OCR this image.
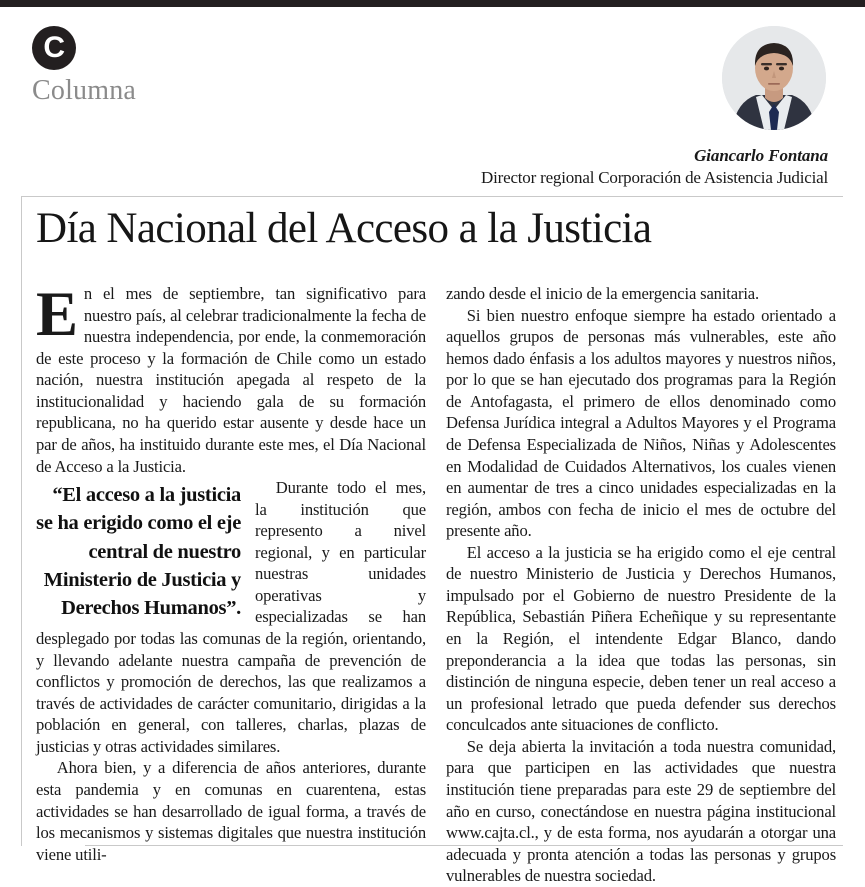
C
Columna
Giancarlo Fontana
Director regional Corporación de Asistencia Judicial
Día Nacional del Acceso a la Justicia

En el mes de septiembre, tan significativo para nuestro país, al celebrar tradicionalmente la fecha de nuestra independencia, por ende, la conmemoración de este proceso y la formación de Chile como un estado nación, nuestra institución apegada al respeto de la institucionalidad y haciendo gala de su formación republicana, no ha querido estar ausente y desde hace un par de años, ha instituido durante este mes, el Día Nacional de Acceso a la Justicia.

“El acceso a la justicia se ha erigido como el eje central de nuestro Ministerio de Justicia y Derechos Humanos”.

Durante todo el mes, la institución que represento a nivel regional, y en particular nuestras unidades operativas y especializadas se han desplegado por todas las comunas de la región, orientando, y llevando adelante nuestra campaña de prevención de conflictos y promoción de derechos, las que realizamos a través de actividades de carácter comunitario, dirigidas a la población en general, con talleres, charlas, plazas de justicias y otras actividades similares.

Ahora bien, y a diferencia de años anteriores, durante esta pandemia y en comunas en cuarentena, estas actividades se han desarrollado de igual forma, a través de los mecanismos y sistemas digitales que nuestra institución viene utili-

zando desde el inicio de la emergencia sanitaria.

Si bien nuestro enfoque siempre ha estado orientado a aquellos grupos de personas más vulnerables, este año hemos dado énfasis a los adultos mayores y nuestros niños, por lo que se han ejecutado dos programas para la Región de Antofagasta, el primero de ellos denominado como Defensa Jurídica integral a Adultos Mayores y el Programa de Defensa Especializada de Niños, Niñas y Adolescentes en Modalidad de Cuidados Alternativos, los cuales vienen en aumentar de tres a cinco unidades especializadas en la región, ambos con fecha de inicio el mes de octubre del presente año.

El acceso a la justicia se ha erigido como el eje central de nuestro Ministerio de Justicia y Derechos Humanos, impulsado por el Gobierno de nuestro Presidente de la República, Sebastián Piñera Echeñique y su representante en la Región, el intendente Edgar Blanco, dando preponderancia a la idea que todas las personas, sin distinción de ninguna especie, deben tener un real acceso a un profesional letrado que pueda defender sus derechos conculcados ante situaciones de conflicto.

Se deja abierta la invitación a toda nuestra comunidad, para que participen en las actividades que nuestra institución tiene preparadas para este 29 de septiembre del año en curso, conectándose en nuestra página institucional www.cajta.cl., y de esta forma, nos ayudarán a otorgar una adecuada y pronta atención a todas las personas y grupos vulnerables de nuestra sociedad.
